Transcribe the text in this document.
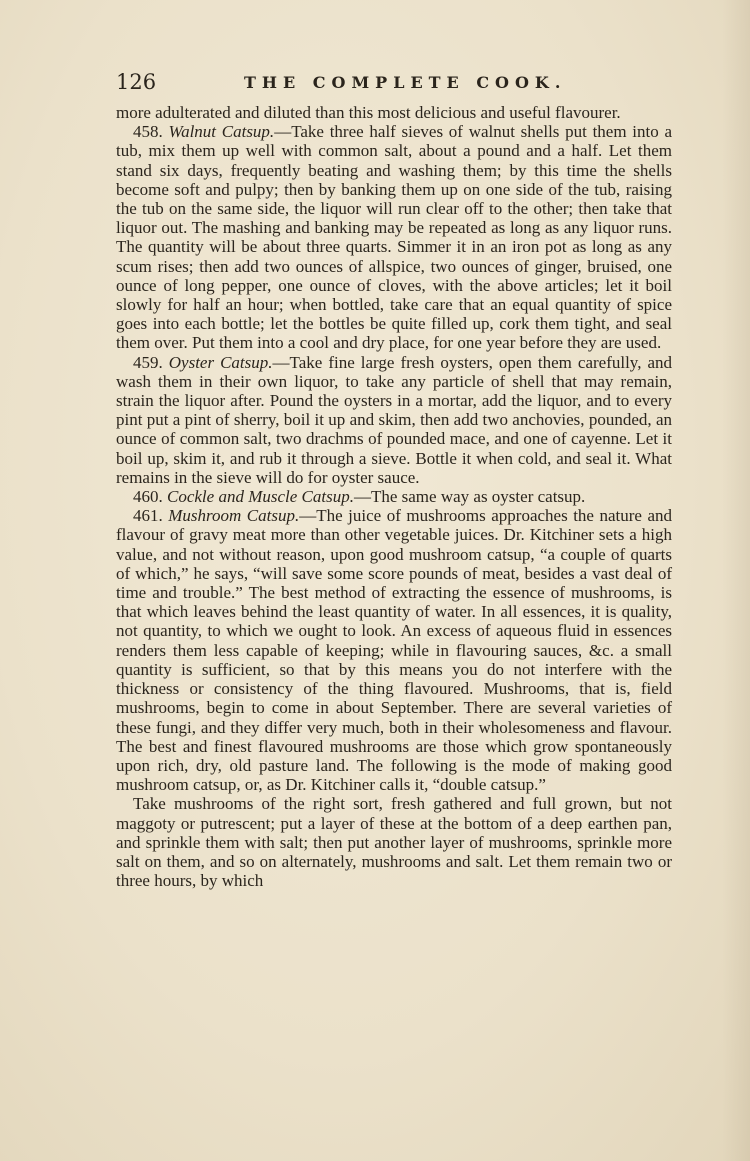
126	THE COMPLETE COOK.

more adulterated and diluted than this most delicious and useful flavourer.

458. Walnut Catsup.—Take three half sieves of walnut shells put them into a tub, mix them up well with common salt, about a pound and a half. Let them stand six days, frequently beating and washing them; by this time the shells become soft and pulpy; then by banking them up on one side of the tub, raising the tub on the same side, the liquor will run clear off to the other; then take that liquor out. The mashing and banking may be repeated as long as any liquor runs. The quantity will be about three quarts. Simmer it in an iron pot as long as any scum rises; then add two ounces of allspice, two ounces of ginger, bruised, one ounce of long pepper, one ounce of cloves, with the above articles; let it boil slowly for half an hour; when bottled, take care that an equal quantity of spice goes into each bottle; let the bottles be quite filled up, cork them tight, and seal them over. Put them into a cool and dry place, for one year before they are used.

459. Oyster Catsup.—Take fine large fresh oysters, open them carefully, and wash them in their own liquor, to take any particle of shell that may remain, strain the liquor after. Pound the oysters in a mortar, add the liquor, and to every pint put a pint of sherry, boil it up and skim, then add two anchovies, pounded, an ounce of common salt, two drachms of pounded mace, and one of cayenne. Let it boil up, skim it, and rub it through a sieve. Bottle it when cold, and seal it. What remains in the sieve will do for oyster sauce.

460. Cockle and Muscle Catsup.—The same way as oyster catsup.

461. Mushroom Catsup.—The juice of mushrooms approaches the nature and flavour of gravy meat more than other vegetable juices. Dr. Kitchiner sets a high value, and not without reason, upon good mushroom catsup, “a couple of quarts of which,” he says, “will save some score pounds of meat, besides a vast deal of time and trouble.” The best method of extracting the essence of mushrooms, is that which leaves behind the least quantity of water. In all essences, it is quality, not quantity, to which we ought to look. An excess of aqueous fluid in essences renders them less capable of keeping; while in flavouring sauces, &c. a small quantity is sufficient, so that by this means you do not interfere with the thickness or consistency of the thing flavoured. Mushrooms, that is, field mushrooms, begin to come in about September. There are several varieties of these fungi, and they differ very much, both in their wholesomeness and flavour. The best and finest flavoured mushrooms are those which grow spontaneously upon rich, dry, old pasture land. The following is the mode of making good mushroom catsup, or, as Dr. Kitchiner calls it, “double catsup.”

Take mushrooms of the right sort, fresh gathered and full grown, but not maggoty or putrescent; put a layer of these at the bottom of a deep earthen pan, and sprinkle them with salt; then put another layer of mushrooms, sprinkle more salt on them, and so on alternately, mushrooms and salt. Let them remain two or three hours, by which
